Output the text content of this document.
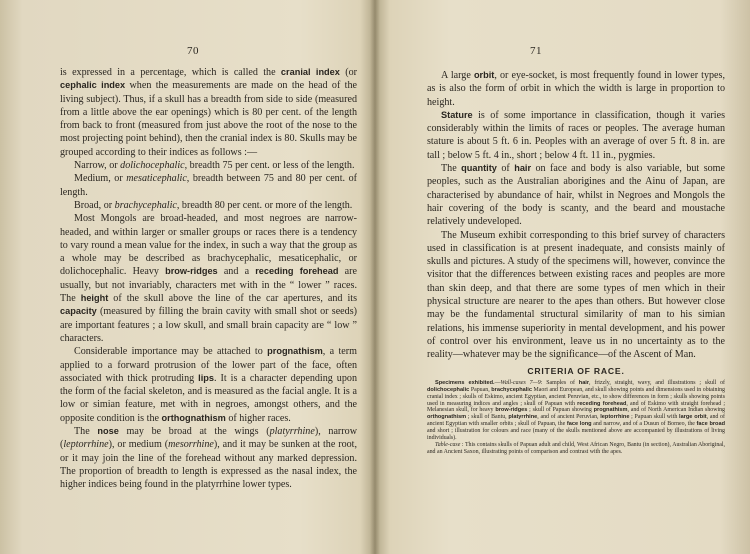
70

is expressed in a percentage, which is called the cranial index (or cephalic index when the measurements are made on the head of the living subject). Thus, if a skull has a breadth from side to side (measured from a little above the ear openings) which is 80 per cent. of the length from back to front (measured from just above the root of the nose to the most projecting point behind), then the cranial index is 80. Skulls may be grouped according to their indices as follows :—

Narrow, or dolichocephalic, breadth 75 per cent. or less of the length.

Medium, or mesaticephalic, breadth between 75 and 80 per cent. of length.

Broad, or brachycephalic, breadth 80 per cent. or more of the length.

Most Mongols are broad-headed, and most negroes are narrow-headed, and within larger or smaller groups or races there is a tendency to vary round a mean value for the index, in such a way that the group as a whole may be described as brachycephalic, mesaticephalic, or dolichocephalic. Heavy brow-ridges and a receding forehead are usually, but not invariably, characters met with in the “ lower ” races. The height of the skull above the line of the car apertures, and its capacity (measured by filling the brain cavity with small shot or seeds) are important features ; a low skull, and small brain capacity are “ low ” characters.

Considerable importance may be attached to prognathism, a term applied to a forward protrusion of the lower part of the face, often associated with thick protruding lips. It is a character depending upon the form of the facial skeleton, and is measured as the facial angle. It is a low or simian feature, met with in negroes, amongst others, and the opposite condition is the orthognathism of higher races.

The nose may be broad at the wings (platyrrhine), narrow (leptorrhine), or medium (mesorrhine), and it may be sunken at the root, or it may join the line of the forehead without any marked depression. The proportion of breadth to length is expressed as the nasal index, the higher indices being found in the platyrrhine lower types.

71

A large orbit, or eye-socket, is most frequently found in lower types, as is also the form of orbit in which the width is large in proportion to height.

Stature is of some importance in classification, though it varies considerably within the limits of races or peoples. The average human stature is about 5 ft. 6 in. Peoples with an average of over 5 ft. 8 in. are tall ; below 5 ft. 4 in., short ; below 4 ft. 11 in., pygmies.

The quantity of hair on face and body is also variable, but some peoples, such as the Australian aborigines and the Ainu of Japan, are characterised by abundance of hair, whilst in Negroes and Mongols the hair covering of the body is scanty, and the beard and moustache relatively undeveloped.

The Museum exhibit corresponding to this brief survey of characters used in classification is at present inadequate, and consists mainly of skulls and pictures. A study of the specimens will, however, convince the visitor that the differences between existing races and peoples are more than skin deep, and that there are some types of men which in their physical structure are nearer to the apes than others. But however close may be the fundamental structural similarity of man to his simian relations, his immense superiority in mental development, and his power of control over his environment, leave us in no uncertainty as to the reality—whatever may be the significance—of the Ascent of Man.

CRITERIA OF RACE.

Specimens exhibited.—Wall-cases 7—9: Samples of hair, frizzly, straight, wavy, and illustrations ; skull of dolichocephalic Papuan, brachycephalic Maori and European, and skull showing points and dimensions used in obtaining cranial index ; skulls of Eskimo, ancient Egyptian, ancient Peruvian, etc., to show differences in form ; skulls showing points used in measuring indices and angles ; skull of Papuan with receding forehead, and of Eskimo with straight forehead ; Melanesian skull, for heavy brow-ridges ; skull of Papuan showing prognathism, and of North American Indian showing orthognathism ; skull of Bantu, platyrrhine, and of ancient Peruvian, leptorrhine ; Papuan skull with large orbit, and of ancient Egyptian with smaller orbits ; skull of Papuan, the face long and narrow, and of a Dusun of Borneo, the face broad and short ; illustration for colours and race (many of the skulls mentioned above are accompanied by illustrations of living individuals).

Table-case : This contains skulls of Papuan adult and child, West African Negro, Bantu (in section), Australian Aboriginal, and an Ancient Saxon, illustrating points of comparison and contrast with the apes.
